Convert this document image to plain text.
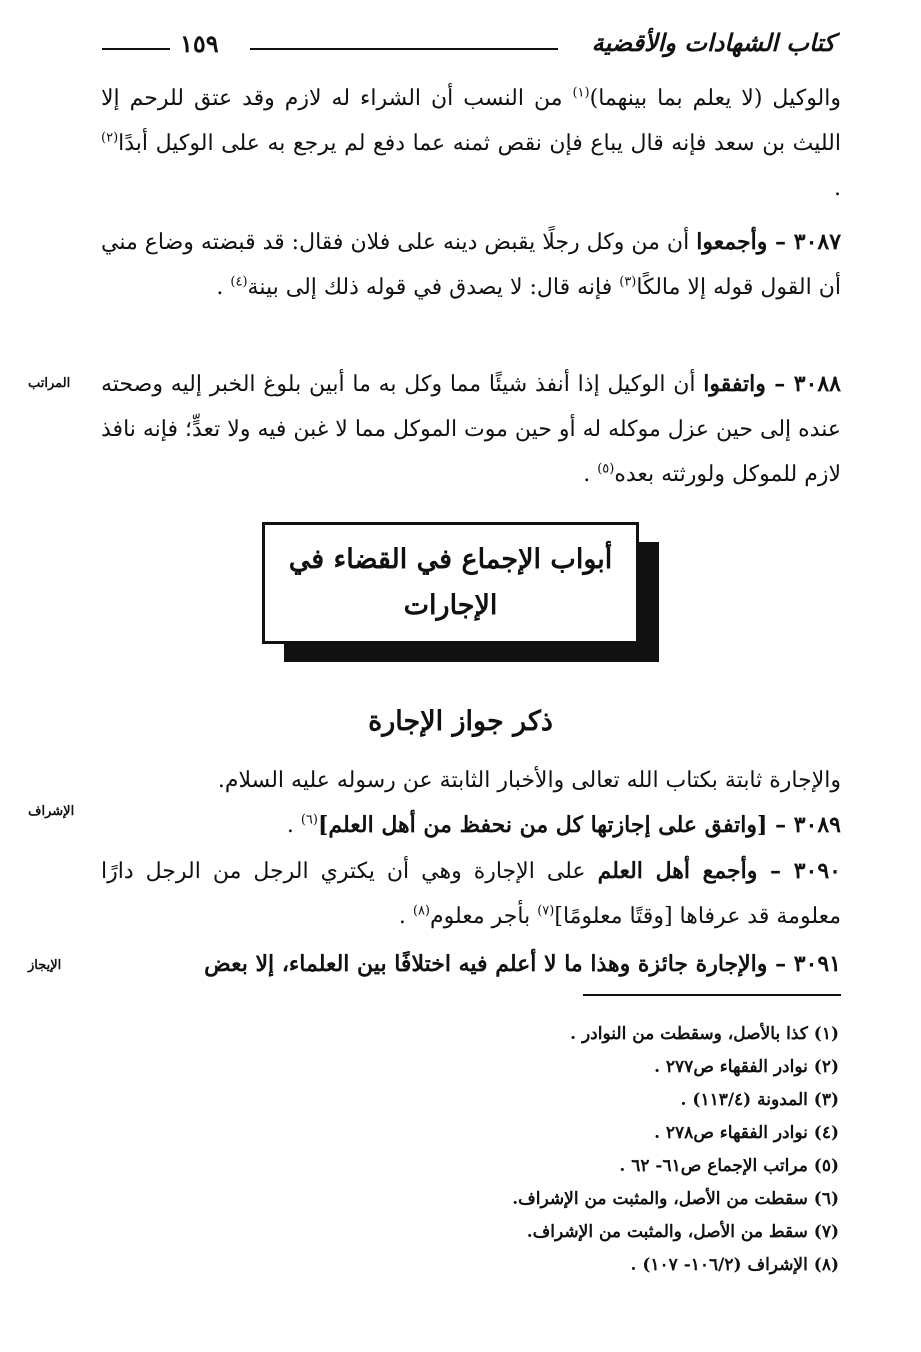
كتاب الشهادات والأقضية
١٥٩

والوكيل (لا يعلم بما بينهما)$^{(١)}$ من النسب أن الشراء له لازم وقد عتق للرحم إلا الليث بن سعد فإنه قال يباع فإن نقص ثمنه عما دفع لم يرجع به على الوكيل أبدًا$^{(٢)}$ .

٣٠٨٧ – وأجمعوا أن من وكل رجلًا يقبض دينه على فلان فقال: قد قبضته وضاع مني أن القول قوله إلا مالكًا$^{(٣)}$ فإنه قال: لا يصدق في قوله ذلك إلى بينة$^{(٤)}$ .

المراتب	٣٠٨٨ – واتفقوا أن الوكيل إذا أنفذ شيئًا مما وكل به ما أبين بلوغ الخبر إليه وصحته عنده إلى حين عزل موكله له أو حين موت الموكل مما لا غبن فيه ولا تعدٍّ؛ فإنه نافذ لازم للموكل ولورثته بعده$^{(٥)}$ .

أبواب الإجماع في القضاء في
الإجارات
ذكر جواز الإجارة

والإجارة ثابتة بكتاب الله تعالى والأخبار الثابتة عن رسوله عليه السلام.

الإشراف

٣٠٨٩ – [واتفق على إجازتها كل من نحفظ من أهل العلم]$^{(٦)}$ .

٣٠٩٠ – وأجمع أهل العلم على الإجارة وهي أن يكتري الرجل من الرجل دارًا معلومة قد عرفاها [وقتًا معلومًا]$^{(٧)}$ بأجر معلوم$^{(٨)}$ .

الإيجاز	٣٠٩١ – والإجارة جائزة وهذا ما لا أعلم فيه اختلافًا بين العلماء، إلا بعض

(١) كذا بالأصل، وسقطت من النوادر .
(٢) نوادر الفقهاء ص٢٧٧ .
(٣) المدونة (١١٣/٤) .
(٤) نوادر الفقهاء ص٢٧٨ .
(٥) مراتب الإجماع ص٦١- ٦٢ .
(٦) سقطت من الأصل، والمثبت من الإشراف.
(٧) سقط من الأصل، والمثبت من الإشراف.
(٨) الإشراف (١٠٦/٢- ١٠٧) .
